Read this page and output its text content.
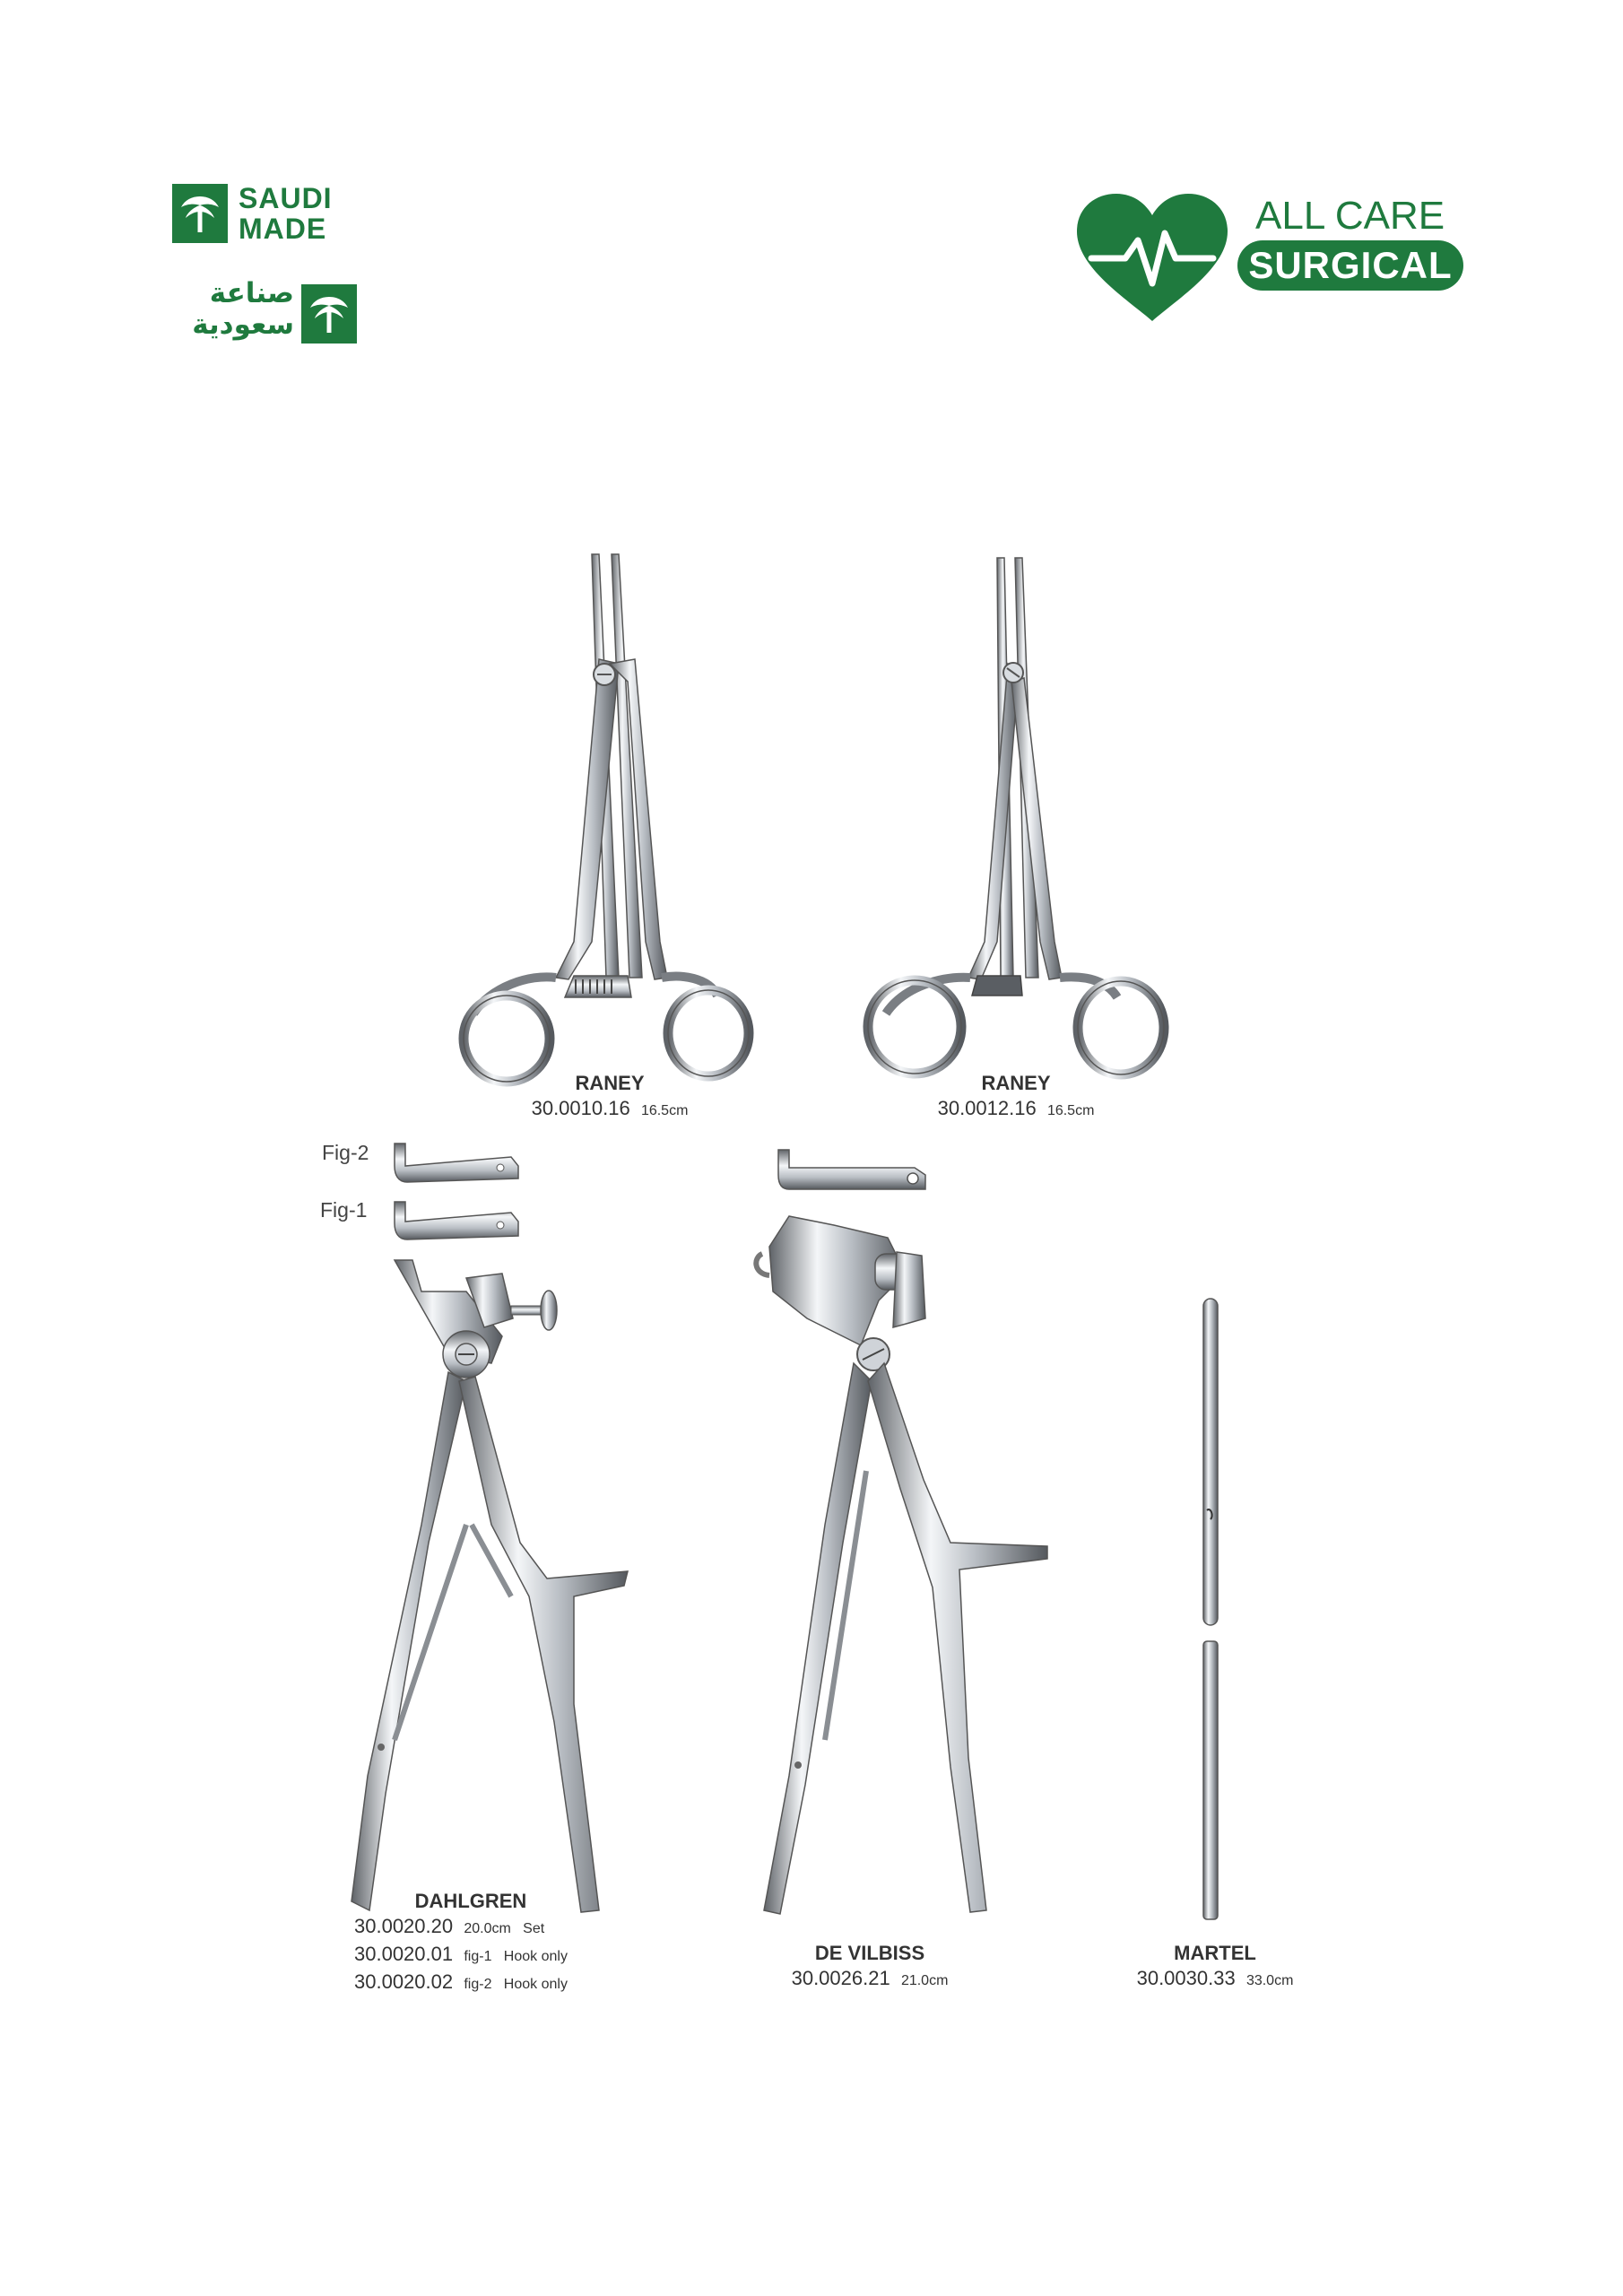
SAUDI
MADE
صناعة
سعودية
ALL CARE
SURGICAL
Fig-2
Fig-1
RANEY
30.0010.16 16.5cm
RANEY
30.0012.16 16.5cm
DAHLGREN
30.0020.20 20.0cm   Set
30.0020.01 fig-1   Hook only
30.0020.02 fig-2   Hook only
DE VILBISS
30.0026.21 21.0cm
MARTEL
30.0030.33 33.0cm
